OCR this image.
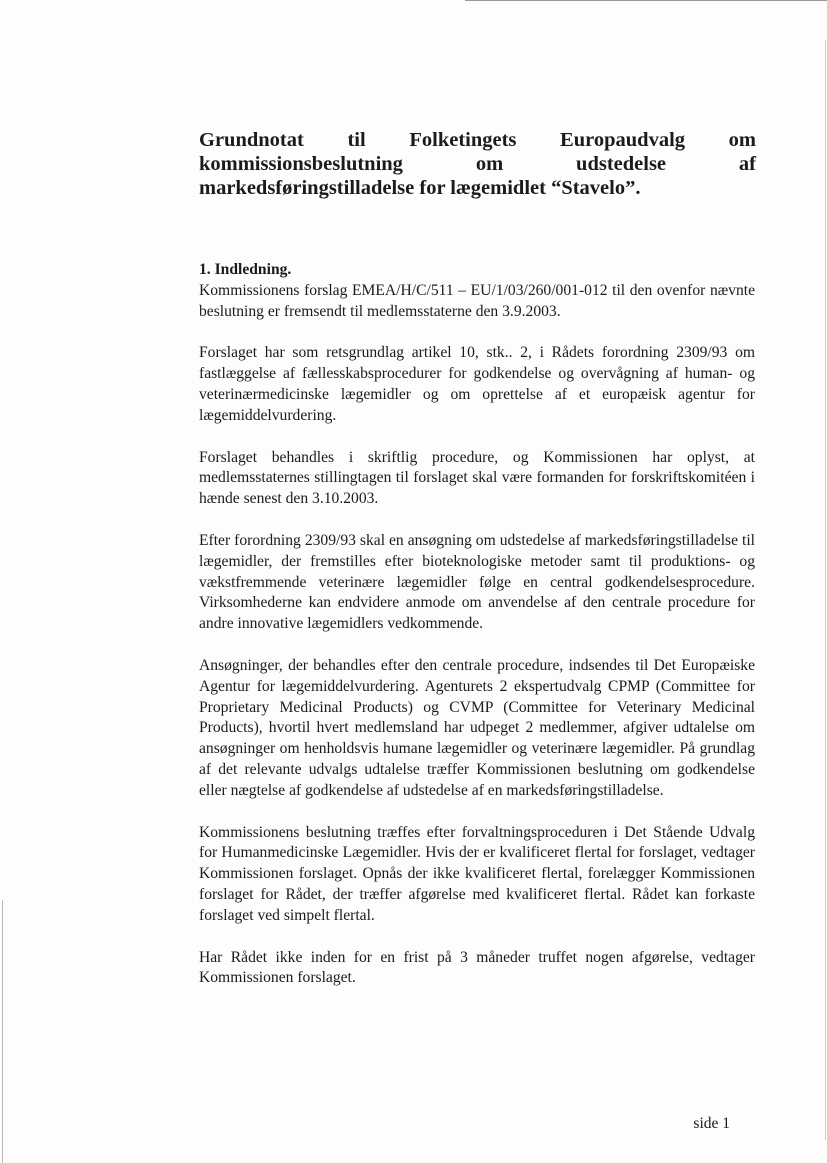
Grundnotat til Folketingets Europaudvalg om kommissionsbeslutning om udstedelse af markedsføringstilladelse for lægemidlet “Stavelo”.

1. Indledning.

Kommissionens forslag EMEA/H/C/511 – EU/1/03/260/001-012 til den ovenfor nævnte beslutning er fremsendt til medlemsstaterne den 3.9.2003.

Forslaget har som retsgrundlag artikel 10, stk.. 2, i Rådets forordning 2309/93 om fastlæggelse af fællesskabsprocedurer for godkendelse og overvågning af human- og veterinærmedicinske lægemidler og om oprettelse af et europæisk agentur for lægemiddelvurdering.

Forslaget behandles i skriftlig procedure, og Kommissionen har oplyst, at medlemsstaternes stillingtagen til forslaget skal være formanden for forskriftskomitéen i hænde senest den 3.10.2003.

Efter forordning 2309/93 skal en ansøgning om udstedelse af markedsføringstilladelse til lægemidler, der fremstilles efter bioteknologiske metoder samt til produktions- og vækstfremmende veterinære lægemidler følge en central godkendelsesprocedure. Virksomhederne kan endvidere anmode om anvendelse af den centrale procedure for andre innovative lægemidlers vedkommende.

Ansøgninger, der behandles efter den centrale procedure, indsendes til Det Europæiske Agentur for lægemiddelvurdering. Agenturets 2 ekspertudvalg CPMP (Committee for Proprietary Medicinal Products) og CVMP (Committee for Veterinary Medicinal Products), hvortil hvert medlemsland har udpeget 2 medlemmer, afgiver udtalelse om ansøgninger om henholdsvis humane lægemidler og veterinære lægemidler. På grundlag af det relevante udvalgs udtalelse træffer Kommissionen beslutning om godkendelse eller nægtelse af godkendelse af udstedelse af en markedsføringstilladelse.

Kommissionens beslutning træffes efter forvaltningsproceduren i Det Stående Udvalg for Humanmedicinske Lægemidler. Hvis der er kvalificeret flertal for forslaget, vedtager Kommissionen forslaget. Opnås der ikke kvalificeret flertal, forelægger Kommissionen forslaget for Rådet, der træffer afgørelse med kvalificeret flertal. Rådet kan forkaste forslaget ved simpelt flertal.

Har Rådet ikke inden for en frist på 3 måneder truffet nogen afgørelse, vedtager Kommissionen forslaget.

side 1
